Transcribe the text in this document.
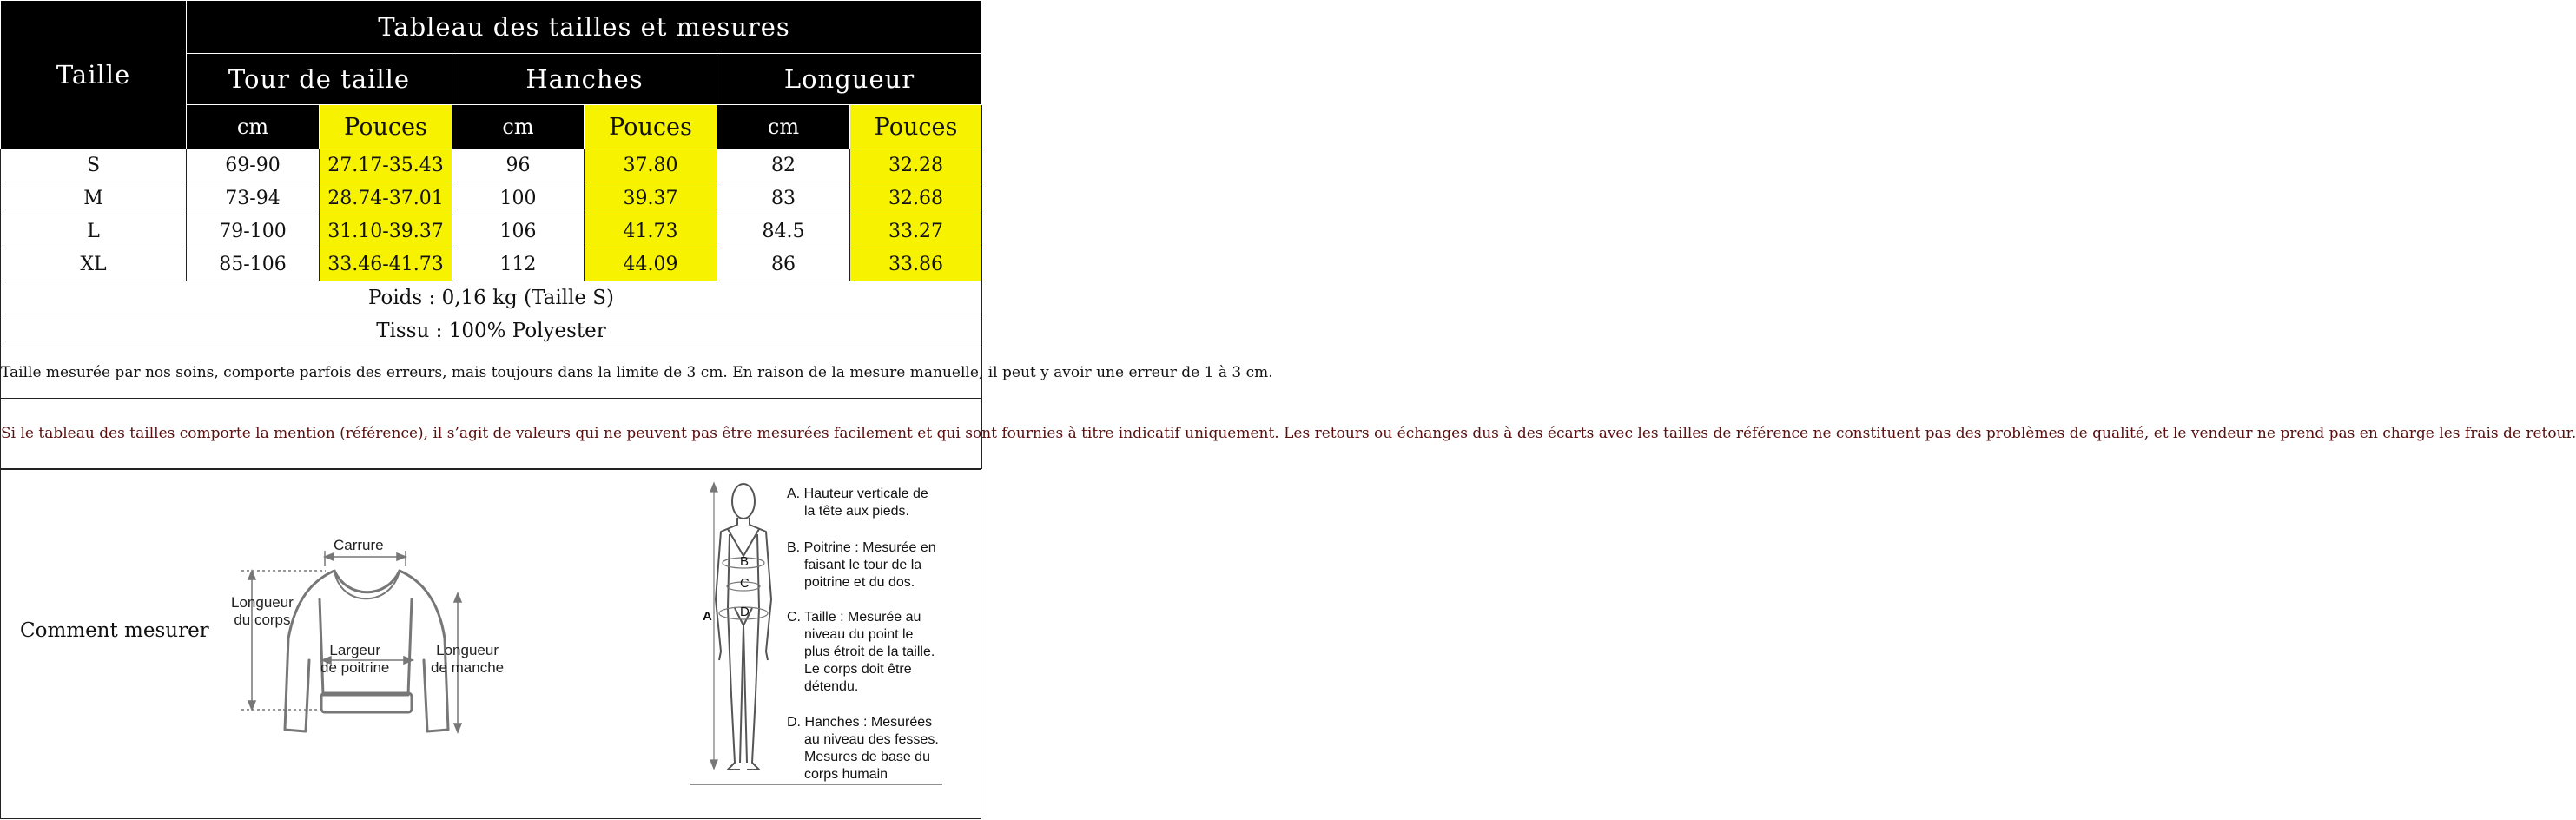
Taille	Tableau des tailles et mesures					
	Tour de taille		Hanches		Longueur	
	cm	Pouces	cm	Pouces	cm	Pouces
S	69-90	27.17-35.43	96	37.80	82	32.28
M	73-94	28.74-37.01	100	39.37	83	32.68
L	79-100	31.10-39.37	106	41.73	84.5	33.27
XL	85-106	33.46-41.73	112	44.09	86	33.86
Poids : 0,16 kg (Taille S)						
Tissu : 100% Polyester						
Taille mesurée par nos soins, comporte parfois des erreurs, mais toujours dans la limite de 3 cm. En raison de la mesure manuelle, il peut y avoir une erreur de 1 à 3 cm.						
Si le tableau des tailles comporte la mention (référence), il s’agit de valeurs qui ne peuvent pas être mesurées facilement et qui sont fournies à titre indicatif uniquement. Les retours ou échanges dus à des écarts avec les tailles de référence ne constituent pas des problèmes de qualité, et le vendeur ne prend pas en charge les frais de retour.						
Comment mesurer
Carrure
Longueur
du corps
Largeur
de poitrine
Longueur
de manche
A
B
C
D
A. Hauteur verticale de
la tête aux pieds.
B. Poitrine : Mesurée en
faisant le tour de la
poitrine et du dos.
C. Taille : Mesurée au
niveau du point le
plus étroit de la taille.
Le corps doit être
détendu.
D. Hanches : Mesurées
au niveau des fesses.
Mesures de base du
corps humain
